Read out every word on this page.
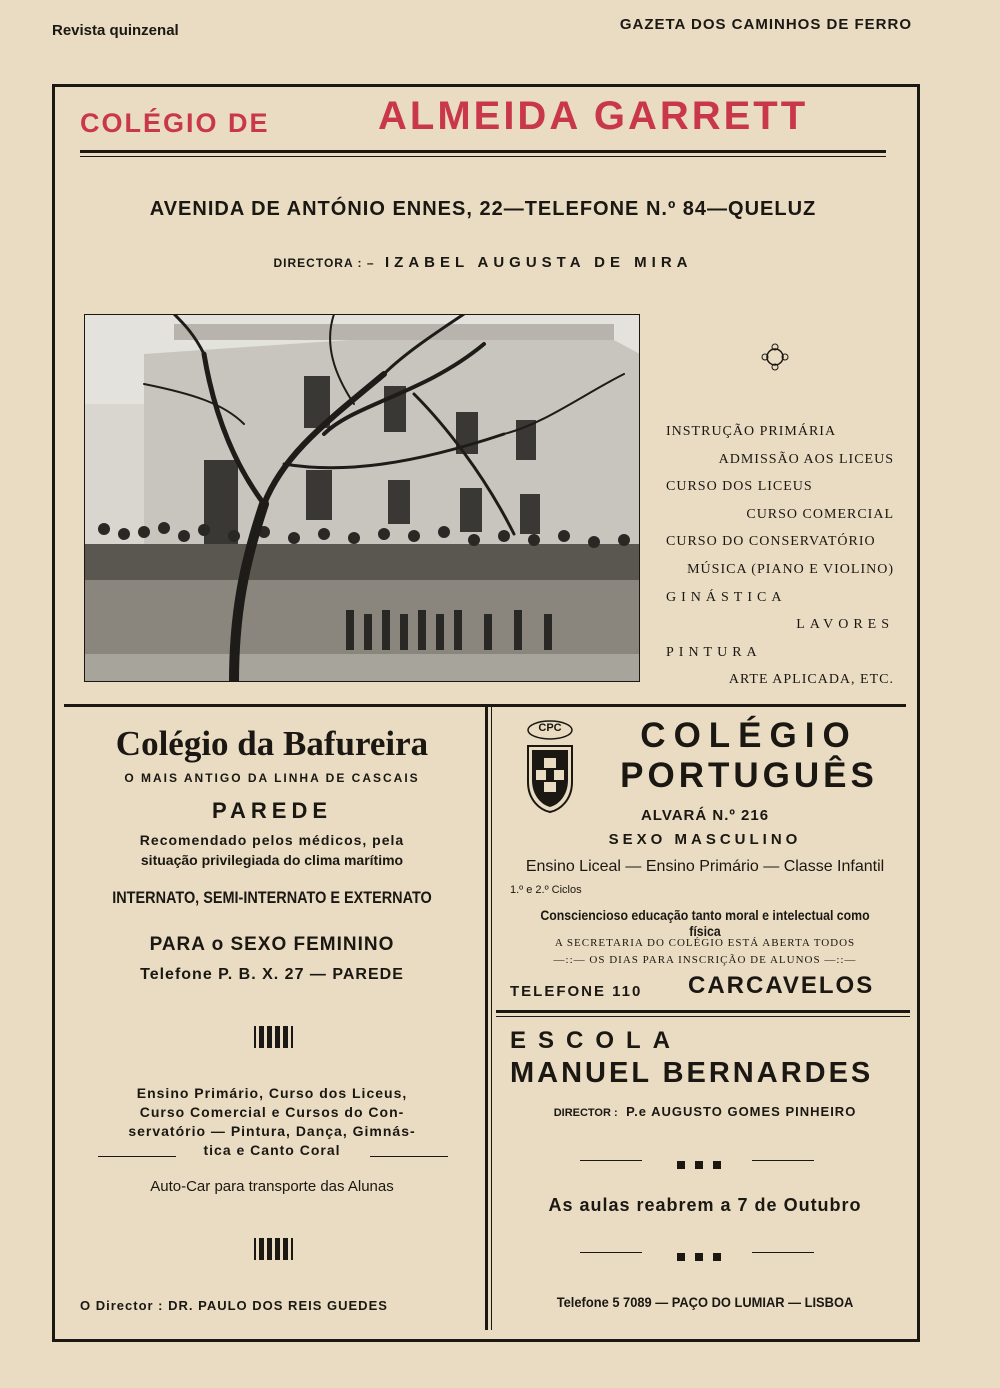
Revista quinzenal	GAZETA DOS CAMINHOS DE FERRO
COLÉGIO DE	ALMEIDA GARRETT
AVENIDA DE ANTÓNIO ENNES, 22—TELEFONE N.º 84—QUELUZ
DIRECTORA : – IZABEL AUGUSTA DE MIRA
INSTRUÇÃO PRIMÁRIA
ADMISSÃO AOS LICEUS
CURSO DOS LICEUS
CURSO COMERCIAL
CURSO DO CONSERVATÓRIO
MÚSICA (PIANO E VIOLINO)
GINÁSTICA
LAVORES
PINTURA
ARTE APLICADA, ETC.
Colégio da Bafureira
O MAIS ANTIGO DA LINHA DE CASCAIS
PAREDE
Recomendado pelos médicos, pela
situação privilegiada do clima marítimo
INTERNATO, SEMI-INTERNATO E EXTERNATO
PARA o SEXO FEMININO
Telefone P. B. X. 27 — PAREDE
Ensino Primário, Curso dos Liceus,
Curso Comercial e Cursos do Con-
servatório — Pintura, Dança, Gimnás-
tica e Canto Coral
Auto-Car para transporte das Alunas
O Director : DR. PAULO DOS REIS GUEDES
CPC	COLÉGIO
PORTUGUÊS
ALVARÁ N.º 216
SEXO MASCULINO
Ensino Liceal — Ensino Primário — Classe Infantil
1.º e 2.º Ciclos
Consciencioso educação tanto moral e intelectual como física
A SECRETARIA DO COLÉGIO ESTÁ ABERTA TODOS
—::— OS DIAS PARA INSCRIÇÃO DE ALUNOS —::—
TELEFONE 110 CARCAVELOS
ESCOLA
MANUEL BERNARDES
DIRECTOR : P.e AUGUSTO GOMES PINHEIRO
As aulas reabrem a 7 de Outubro
Telefone 5 7089 — PAÇO DO LUMIAR — LISBOA
